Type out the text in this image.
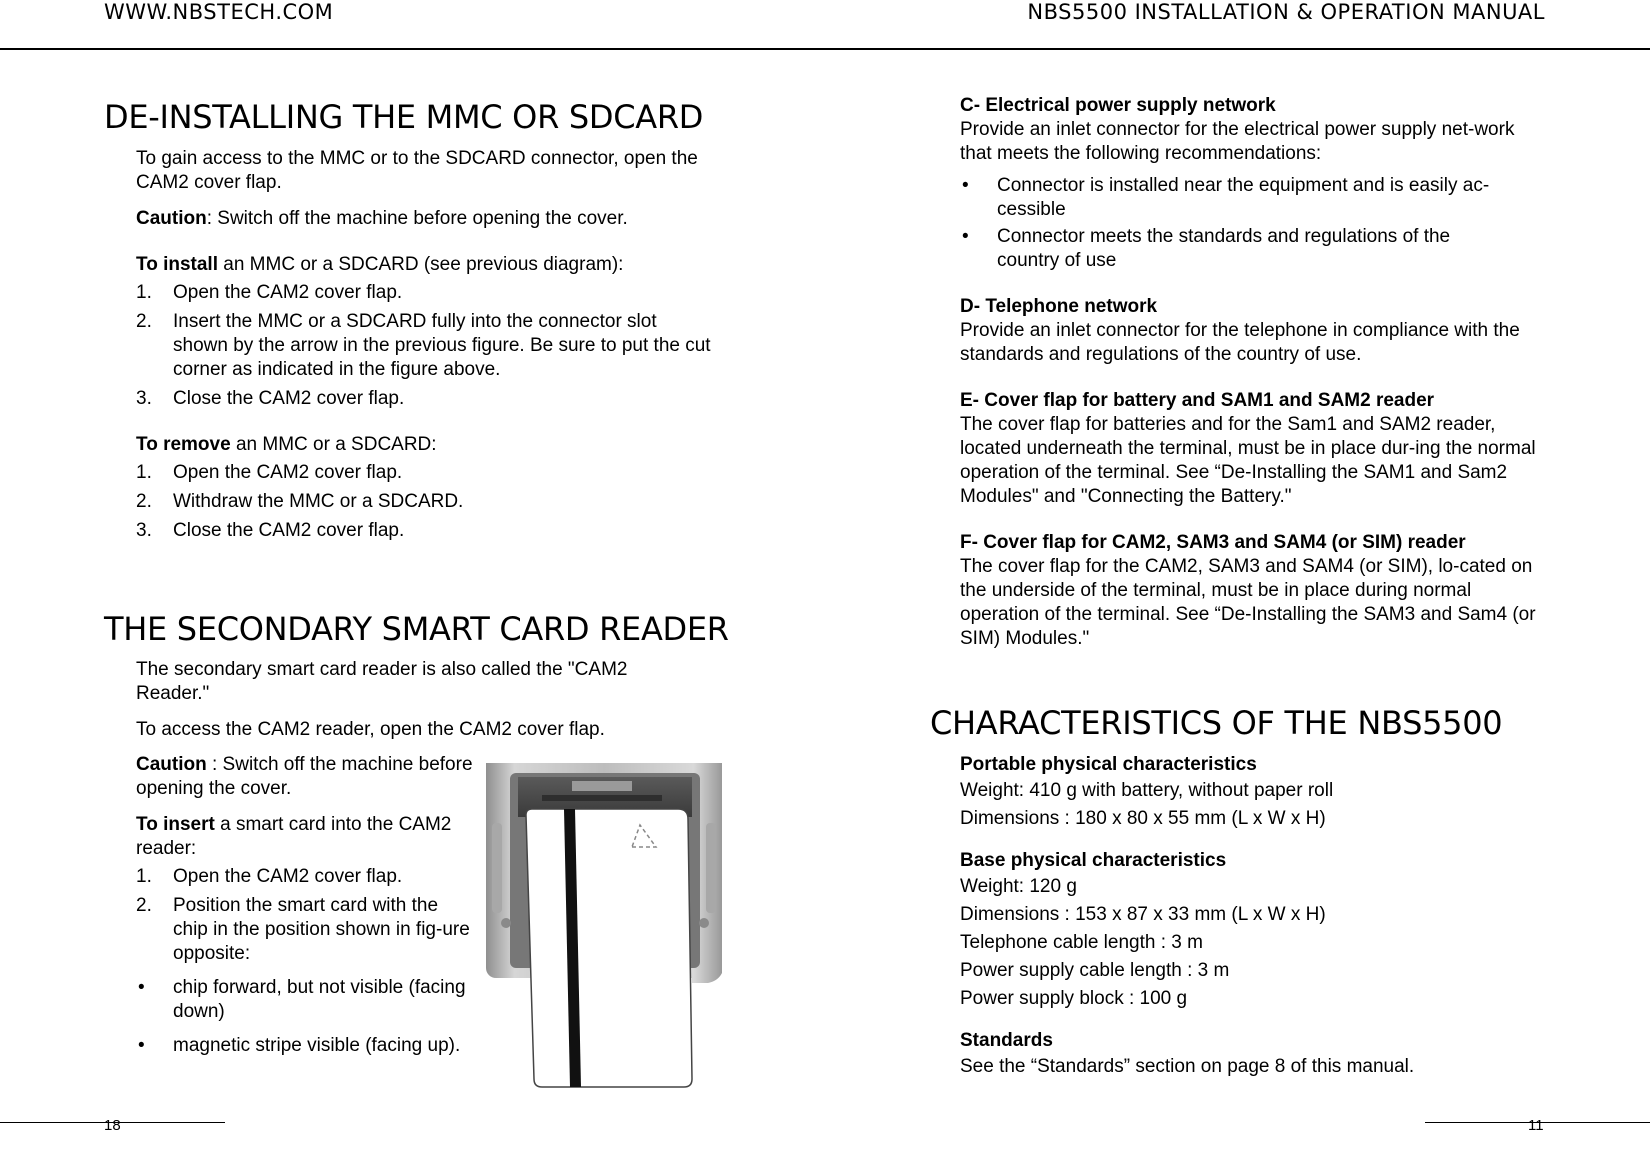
WWW.NBSTECH.COM	NBS5500 INSTALLATION & OPERATION MANUAL
DE-INSTALLING THE MMC OR SDCARD

To gain access to the MMC or to the SDCARD connector, open the CAM2 cover flap.

Caution: Switch off the machine before opening the cover.

To install an MMC or a SDCARD (see previous diagram):

1. Open the CAM2 cover flap.
2. Insert the MMC or a SDCARD fully into the connector slot shown by the arrow in the previous figure. Be sure to put the cut corner as indicated in the figure above.
3. Close the CAM2 cover flap.

To remove an MMC or a SDCARD:

1. Open the CAM2 cover flap.
2. Withdraw the MMC or a SDCARD.
3. Close the CAM2 cover flap.
THE SECONDARY SMART CARD READER

The secondary smart card reader is also called the "CAM2 Reader."

To access the CAM2 reader, open the CAM2 cover flap.

Caution : Switch off the machine before opening the cover.

To insert a smart card into the CAM2 reader:

1. Open the CAM2 cover flap.
2. Position the smart card with the chip in the position shown in fig-ure opposite:
• chip forward, but not visible (facing down)
• magnetic stripe visible (facing up).
18

C- Electrical power supply network

Provide an inlet connector for the electrical power supply net-work that meets the following recommendations:

• Connector is installed near the equipment and is easily ac-cessible
• Connector meets the standards and regulations of the country of use

D- Telephone network

Provide an inlet connector for the telephone in compliance with the standards and regulations of the country of use.

E- Cover flap for battery and SAM1 and SAM2 reader

The cover flap for batteries and for the Sam1 and SAM2 reader, located underneath the terminal, must be in place dur-ing the normal operation of the terminal. See “De-Installing the SAM1 and Sam2 Modules" and "Connecting the Battery."

F- Cover flap for CAM2, SAM3 and SAM4 (or SIM) reader

The cover flap for the CAM2, SAM3 and SAM4 (or SIM), lo-cated on the underside of the terminal, must be in place during normal operation of the terminal. See “De-Installing the SAM3 and Sam4 (or SIM) Modules."

CHARACTERISTICS OF THE NBS5500

Portable physical characteristics

Weight: 410 g with battery, without paper roll

Dimensions : 180 x 80 x 55 mm (L x W x H)

Base physical characteristics

Weight: 120 g

Dimensions : 153 x 87 x 33 mm (L x W x H)

Telephone cable length : 3 m

Power supply cable length : 3 m

Power supply block : 100 g

Standards

See the “Standards” section on page 8 of this manual.

11
